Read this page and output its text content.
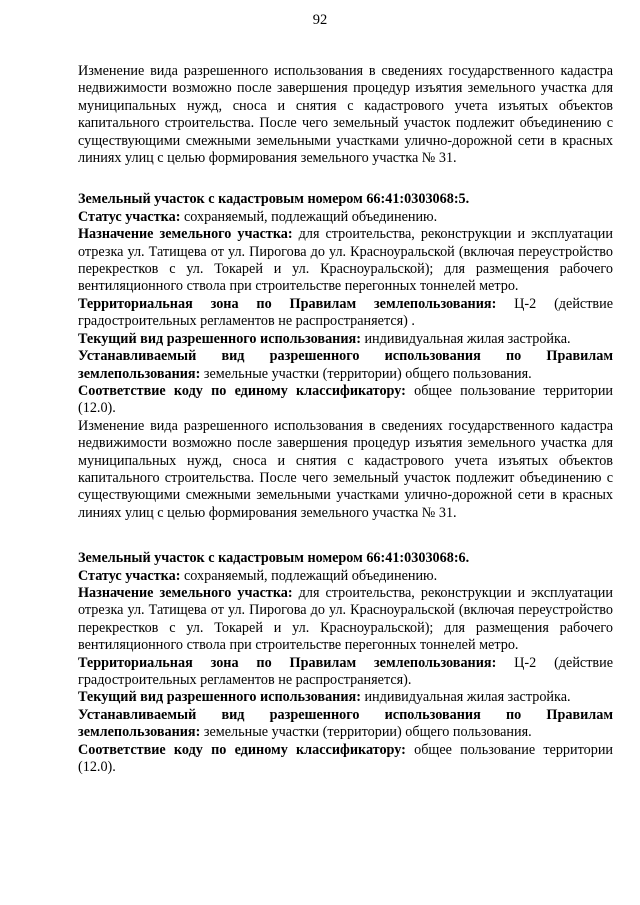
92

Изменение вида разрешенного использования в сведениях государственного кадастра недвижимости возможно после завершения процедур изъятия земельного участка для муниципальных нужд, сноса и снятия с кадастрового учета изъятых объектов капитального строительства. После чего земельный участок подлежит объединению с существующими смежными земельными участками улично-дорожной сети в красных линиях улиц с целью формирования земельного участка № 31.

Земельный участок с кадастровым номером 66:41:0303068:5.

Статус участка: сохраняемый, подлежащий объединению.

Назначение земельного участка: для строительства, реконструкции и эксплуатации отрезка ул. Татищева от ул. Пирогова до ул. Красноуральской (включая переустройство перекрестков с ул. Токарей и ул. Красноуральской); для размещения рабочего вентиляционного ствола при строительстве перегонных тоннелей метро.

Территориальная зона по Правилам землепользования: Ц-2 (действие градостроительных регламентов не распространяется) .

Текущий вид разрешенного использования: индивидуальная жилая застройка.

Устанавливаемый вид разрешенного использования по Правилам землепользования: земельные участки (территории) общего пользования.

Соответствие коду по единому классификатору: общее пользование территории (12.0).

Изменение вида разрешенного использования в сведениях государственного кадастра недвижимости возможно после завершения процедур изъятия земельного участка для муниципальных нужд, сноса и снятия с кадастрового учета изъятых объектов капитального строительства. После чего земельный участок подлежит объединению с существующими смежными земельными участками улично-дорожной сети в красных линиях улиц с целью формирования земельного участка № 31.

Земельный участок с кадастровым номером 66:41:0303068:6.

Статус участка: сохраняемый, подлежащий объединению.

Назначение земельного участка: для строительства, реконструкции и эксплуатации отрезка ул. Татищева от ул. Пирогова до ул. Красноуральской (включая переустройство перекрестков с ул. Токарей и ул. Красноуральской); для размещения рабочего вентиляционного ствола при строительстве перегонных тоннелей метро.

Территориальная зона по Правилам землепользования: Ц-2 (действие градостроительных регламентов не распространяется).

Текущий вид разрешенного использования: индивидуальная жилая застройка.

Устанавливаемый вид разрешенного использования по Правилам землепользования: земельные участки (территории) общего пользования.

Соответствие коду по единому классификатору: общее пользование территории (12.0).
